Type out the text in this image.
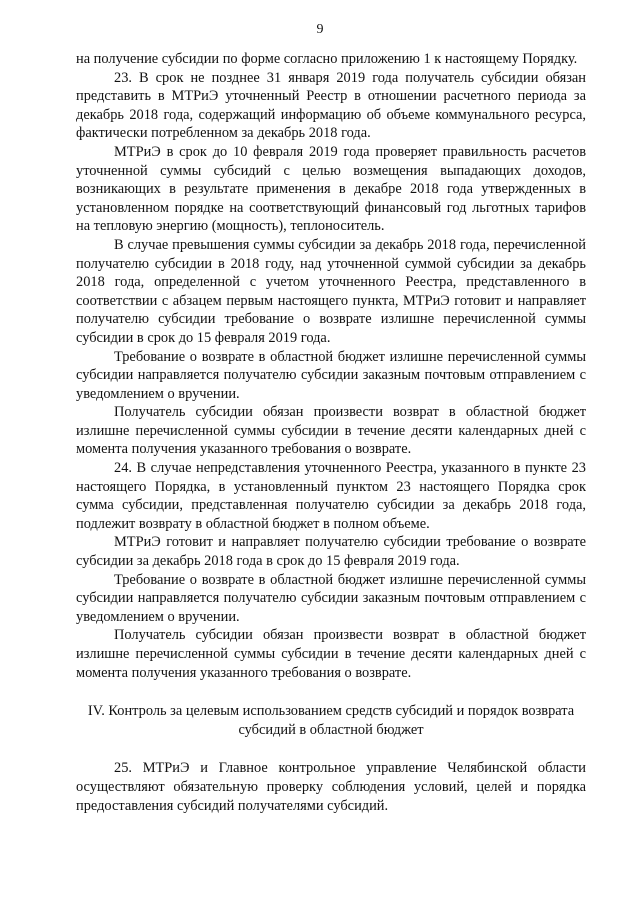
9

на получение субсидии по форме согласно приложению 1 к настоящему Порядку.

23. В срок не позднее 31 января 2019 года получатель субсидии обязан представить в МТРиЭ уточненный Реестр в отношении расчетного периода за декабрь 2018 года, содержащий информацию об объеме коммунального ресурса, фактически потребленном за декабрь 2018 года.

МТРиЭ в срок до 10 февраля 2019 года проверяет правильность расчетов уточненной суммы субсидий с целью возмещения выпадающих доходов, возникающих в результате применения в декабре 2018 года утвержденных в установленном порядке на соответствующий финансовый год льготных тарифов на тепловую энергию (мощность), теплоноситель.

В случае превышения суммы субсидии за декабрь 2018 года, перечисленной получателю субсидии в 2018 году, над уточненной суммой субсидии за декабрь 2018 года, определенной с учетом уточненного Реестра, представленного в соответствии с абзацем первым настоящего пункта, МТРиЭ готовит и направляет получателю субсидии требование о возврате излишне перечисленной суммы субсидии в срок до 15 февраля 2019 года.

Требование о возврате в областной бюджет излишне перечисленной суммы субсидии направляется получателю субсидии заказным почтовым отправлением с уведомлением о вручении.

Получатель субсидии обязан произвести возврат в областной бюджет излишне перечисленной суммы субсидии в течение десяти календарных дней с момента получения указанного требования о возврате.

24. В случае непредставления уточненного Реестра, указанного в пункте 23 настоящего Порядка, в установленный пунктом 23 настоящего Порядка срок сумма субсидии, представленная получателю субсидии за декабрь 2018 года, подлежит возврату в областной бюджет в полном объеме.

МТРиЭ готовит и направляет получателю субсидии требование о возврате субсидии за декабрь 2018 года в срок до 15 февраля 2019 года.

Требование о возврате в областной бюджет излишне перечисленной суммы субсидии направляется получателю субсидии заказным почтовым отправлением с уведомлением о вручении.

Получатель субсидии обязан произвести возврат в областной бюджет излишне перечисленной суммы субсидии в течение десяти календарных дней с момента получения указанного требования о возврате.

IV. Контроль за целевым использованием средств субсидий и порядок возврата субсидий в областной бюджет

25. МТРиЭ и Главное контрольное управление Челябинской области осуществляют обязательную проверку соблюдения условий, целей и порядка предоставления субсидий получателями субсидий.
